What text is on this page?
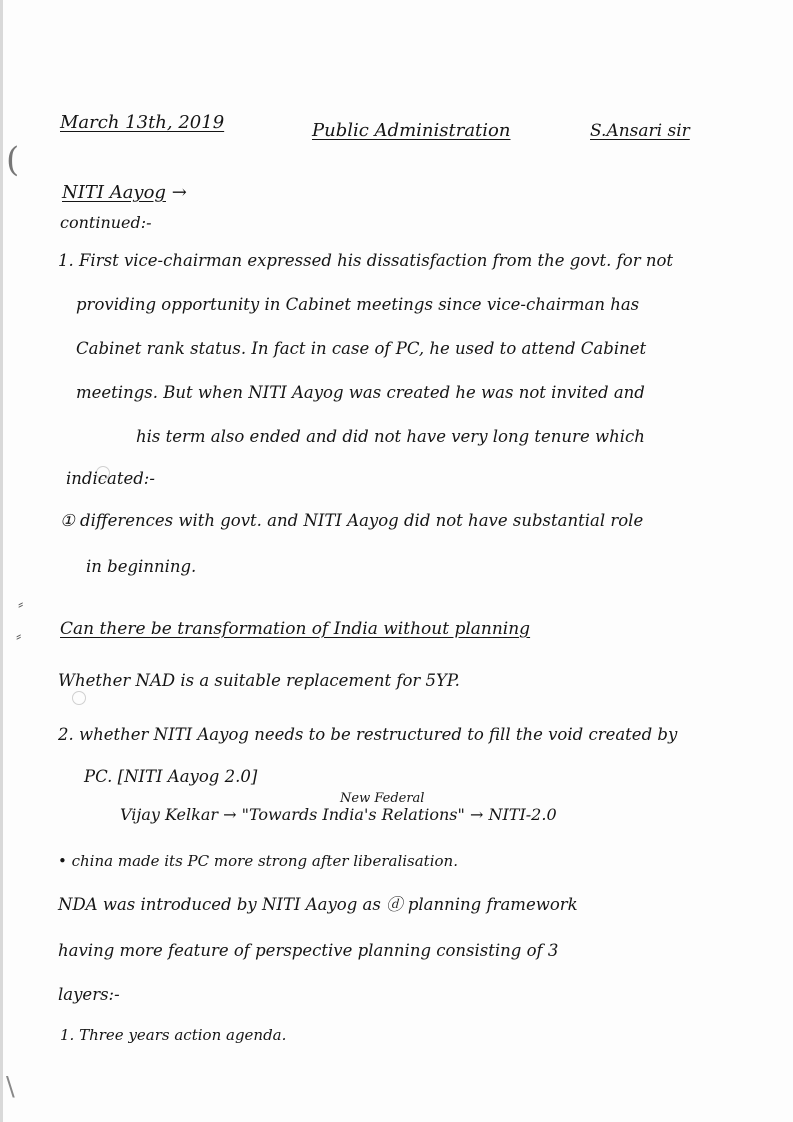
(
⸗
⸗
\
March 13th, 2019	Public Administration	S.Ansari sir
NITI Aayog →
continued:-
1. First vice-chairman expressed his dissatisfaction from the govt. for not
providing opportunity in Cabinet meetings since vice-chairman has
Cabinet rank status. In fact in case of PC, he used to attend Cabinet
meetings. But when NITI Aayog was created he was not invited and
his term also ended and did not have very long tenure which
indicated:-
① differences with govt. and NITI Aayog did not have substantial role
in beginning.
Can there be transformation of India without planning
Whether NAD is a suitable replacement for 5YP.
2. whether NITI Aayog needs to be restructured to fill the void created by
PC. [NITI Aayog 2.0]
New Federal
Vijay Kelkar → "Towards India's Relations" → NITI-2.0
• china made its PC more strong after liberalisation.
NDA was introduced by NITI Aayog as ⓓ planning framework
having more feature of perspective planning consisting of 3
layers:-
1. Three years action agenda.
